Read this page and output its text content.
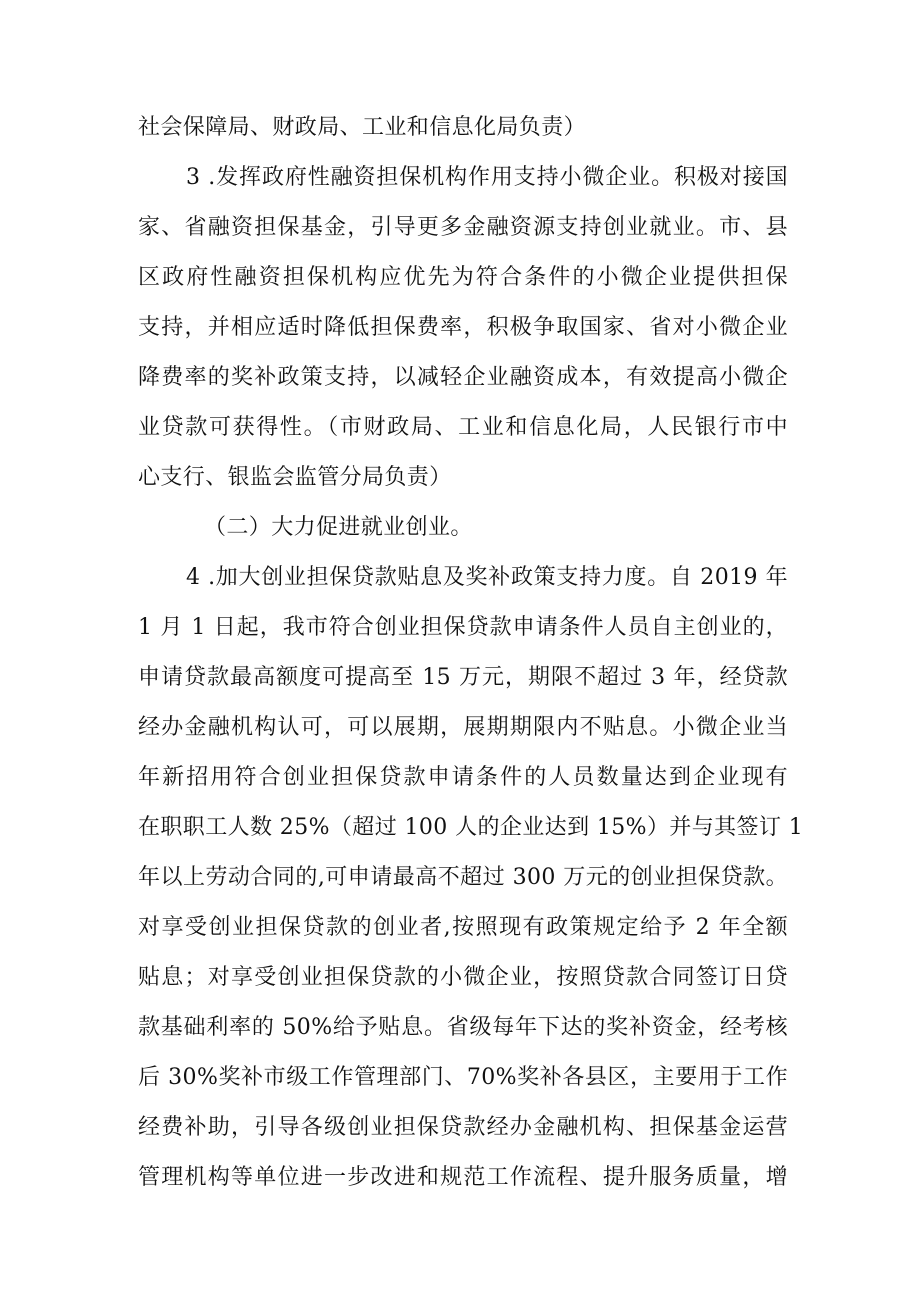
社会保障局、财政局、工业和信息化局负责）
3 .发挥政府性融资担保机构作用支持小微企业。积极对接国
家、省融资担保基金，引导更多金融资源支持创业就业。市、县
区政府性融资担保机构应优先为符合条件的小微企业提供担保
支持，并相应适时降低担保费率，积极争取国家、省对小微企业
降费率的奖补政策支持，以减轻企业融资成本，有效提高小微企
业贷款可获得性。（市财政局、工业和信息化局，人民银行市中
心支行、银监会监管分局负责）
（二）大力促进就业创业。
4 .加大创业担保贷款贴息及奖补政策支持力度。自 2019 年
1 月 1 日起，我市符合创业担保贷款申请条件人员自主创业的，
申请贷款最高额度可提高至 15 万元，期限不超过 3 年，经贷款
经办金融机构认可，可以展期，展期期限内不贴息。小微企业当
年新招用符合创业担保贷款申请条件的人员数量达到企业现有
在职职工人数 25%（超过 100 人的企业达到 15%）并与其签订 1
年以上劳动合同的,可申请最高不超过 300 万元的创业担保贷款。
对享受创业担保贷款的创业者,按照现有政策规定给予 2 年全额
贴息；对享受创业担保贷款的小微企业，按照贷款合同签订日贷
款基础利率的 50%给予贴息。省级每年下达的奖补资金，经考核
后 30%奖补市级工作管理部门、70%奖补各县区，主要用于工作
经费补助，引导各级创业担保贷款经办金融机构、担保基金运营
管理机构等单位进一步改进和规范工作流程、提升服务质量，增
